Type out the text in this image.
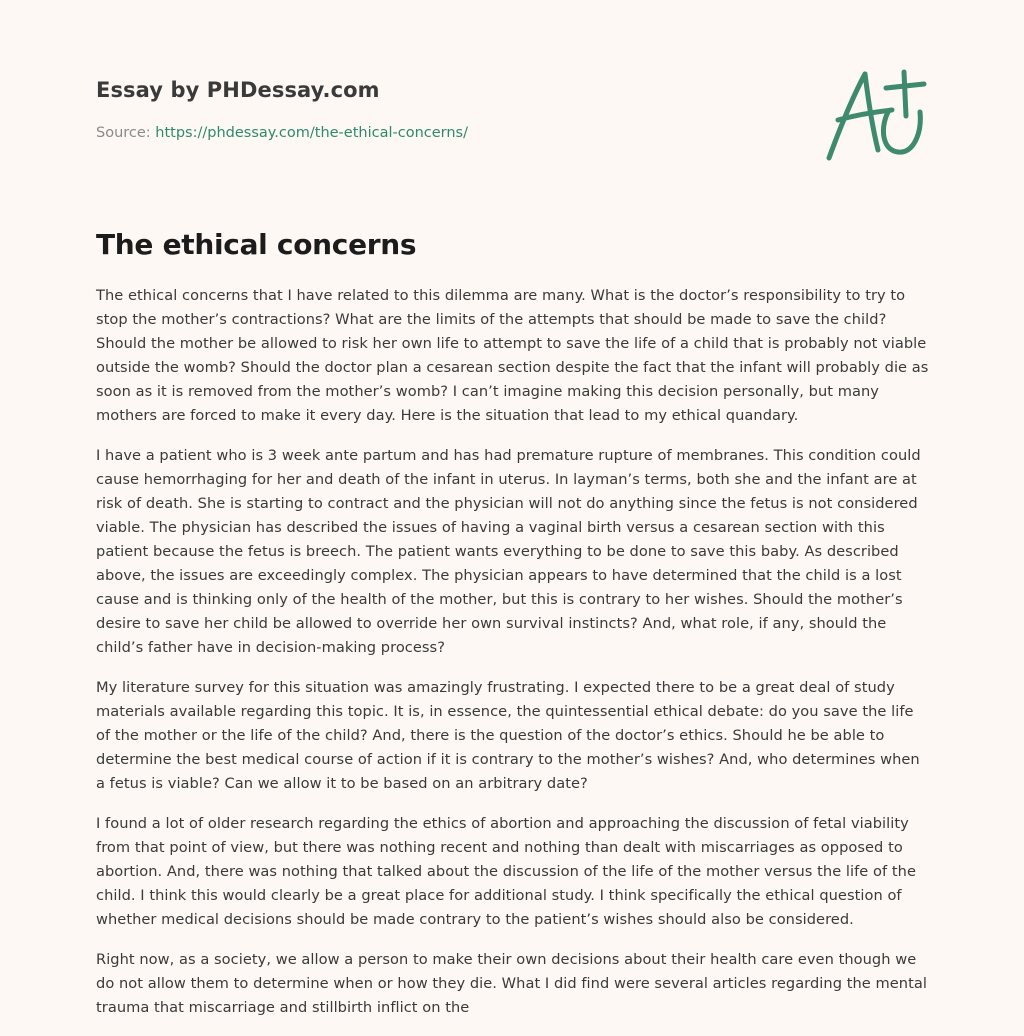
Essay by PHDessay.com
Source: https://phdessay.com/the-ethical-concerns/
The ethical concerns

The ethical concerns that I have related to this dilemma are many. What is the doctor’s responsibility to try to stop the mother’s contractions? What are the limits of the attempts that should be made to save the child? Should the mother be allowed to risk her own life to attempt to save the life of a child that is probably not viable outside the womb? Should the doctor plan a cesarean section despite the fact that the infant will probably die as soon as it is removed from the mother’s womb? I can’t imagine making this decision personally, but many mothers are forced to make it every day. Here is the situation that lead to my ethical quandary.

I have a patient who is 3 week ante partum and has had premature rupture of membranes. This condition could cause hemorrhaging for her and death of the infant in uterus. In layman’s terms, both she and the infant are at risk of death. She is starting to contract and the physician will not do anything since the fetus is not considered viable. The physician has described the issues of having a vaginal birth versus a cesarean section with this patient because the fetus is breech. The patient wants everything to be done to save this baby. As described above, the issues are exceedingly complex. The physician appears to have determined that the child is a lost cause and is thinking only of the health of the mother, but this is contrary to her wishes. Should the mother’s desire to save her child be allowed to override her own survival instincts? And, what role, if any, should the child’s father have in decision-making process?

My literature survey for this situation was amazingly frustrating. I expected there to be a great deal of study materials available regarding this topic. It is, in essence, the quintessential ethical debate: do you save the life of the mother or the life of the child? And, there is the question of the doctor’s ethics. Should he be able to determine the best medical course of action if it is contrary to the mother’s wishes? And, who determines when a fetus is viable? Can we allow it to be based on an arbitrary date?

I found a lot of older research regarding the ethics of abortion and approaching the discussion of fetal viability from that point of view, but there was nothing recent and nothing than dealt with miscarriages as opposed to abortion. And, there was nothing that talked about the discussion of the life of the mother versus the life of the child. I think this would clearly be a great place for additional study. I think specifically the ethical question of whether medical decisions should be made contrary to the patient’s wishes should also be considered.

Right now, as a society, we allow a person to make their own decisions about their health care even though we do not allow them to determine when or how they die. What I did find were several articles regarding the mental trauma that miscarriage and stillbirth inflict on the
